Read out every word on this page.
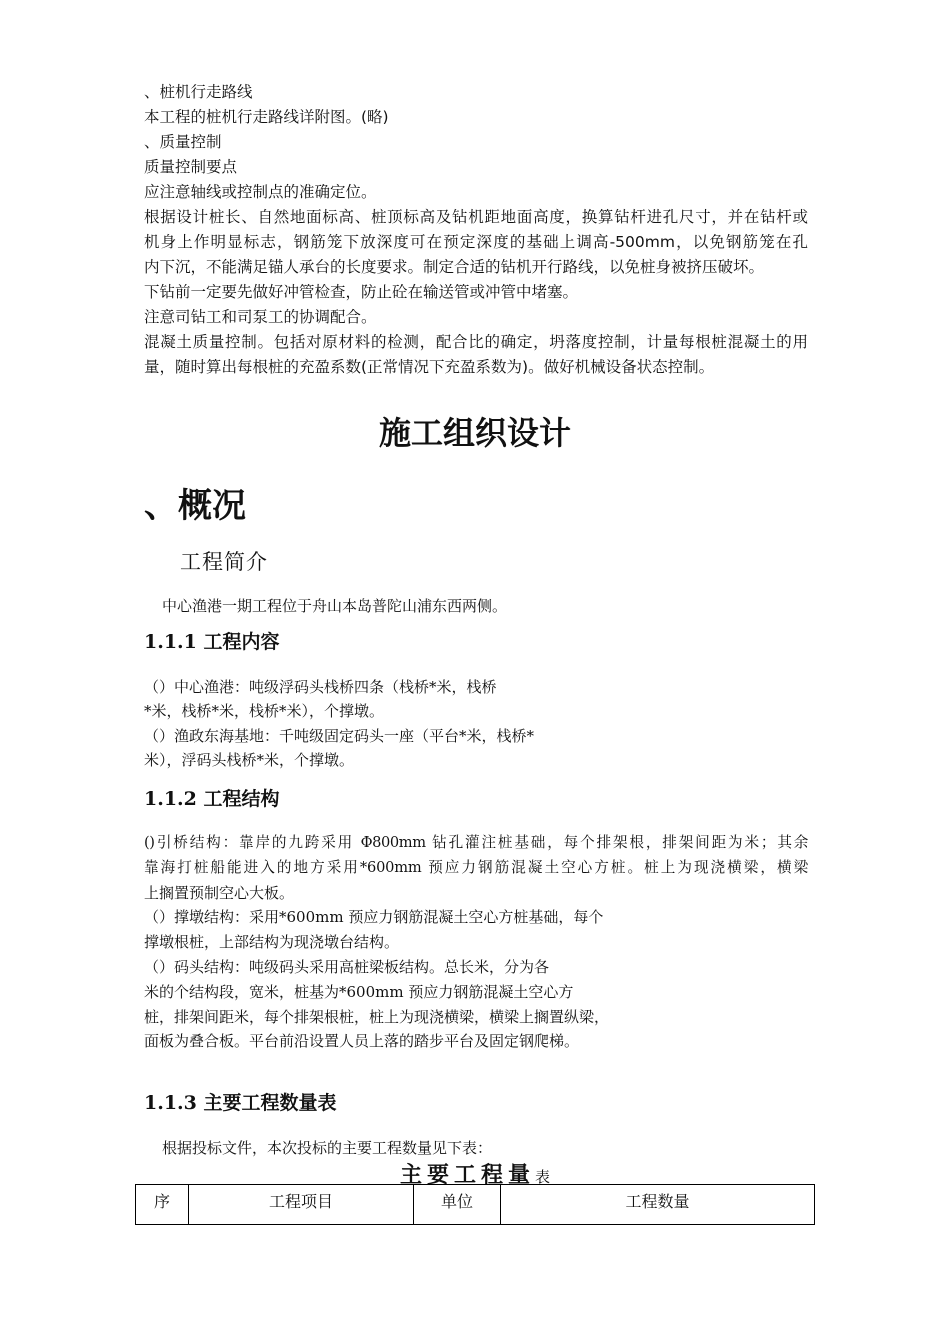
、桩机行走路线
本工程的桩机行走路线详附图。(略)
、质量控制
质量控制要点
应注意轴线或控制点的准确定位。
根据设计桩长、自然地面标高、桩顶标高及钻机距地面高度，换算钻杆进孔尺寸，并在钻杆或
机身上作明显标志，钢筋笼下放深度可在预定深度的基础上调高-500mm，以免钢筋笼在孔
内下沉，不能满足锚人承台的长度要求。制定合适的钻机开行路线，以免桩身被挤压破坏。
下钻前一定要先做好冲管检查，防止砼在输送管或冲管中堵塞。
注意司钻工和司泵工的协调配合。
混凝土质量控制。包括对原材料的检测，配合比的确定，坍落度控制，计量每根桩混凝土的用
量，随时算出每根桩的充盈系数(正常情况下充盈系数为)。做好机械设备状态控制。
施工组织设计
、概况
工程简介
中心渔港一期工程位于舟山本岛普陀山浦东西两侧。
1.1.1 工程内容
（）中心渔港：吨级浮码头栈桥四条（栈桥*米，栈桥
*米，栈桥*米，栈桥*米），个撑墩。
（）渔政东海基地：千吨级固定码头一座（平台*米，栈桥*
米），浮码头栈桥*米，个撑墩。
1.1.2 工程结构
()引桥结构：靠岸的九跨采用 Φ800mm 钻孔灌注桩基础，每个排架根，排架间距为米；其余
靠海打桩船能进入的地方采用*600mm 预应力钢筋混凝土空心方桩。桩上为现浇横梁，横梁
上搁置预制空心大板。
（）撑墩结构：采用*600mm 预应力钢筋混凝土空心方桩基础，每个
撑墩根桩，上部结构为现浇墩台结构。
（）码头结构：吨级码头采用高桩梁板结构。总长米，分为各
米的个结构段，宽米，桩基为*600mm 预应力钢筋混凝土空心方
桩，排架间距米，每个排架根桩，桩上为现浇横梁，横梁上搁置纵梁，
面板为叠合板。平台前沿设置人员上落的踏步平台及固定钢爬梯。
1.1.3 主要工程数量表
根据投标文件，本次投标的主要工程数量见下表：
主要工程量表
序	工程项目	单位	工程数量
